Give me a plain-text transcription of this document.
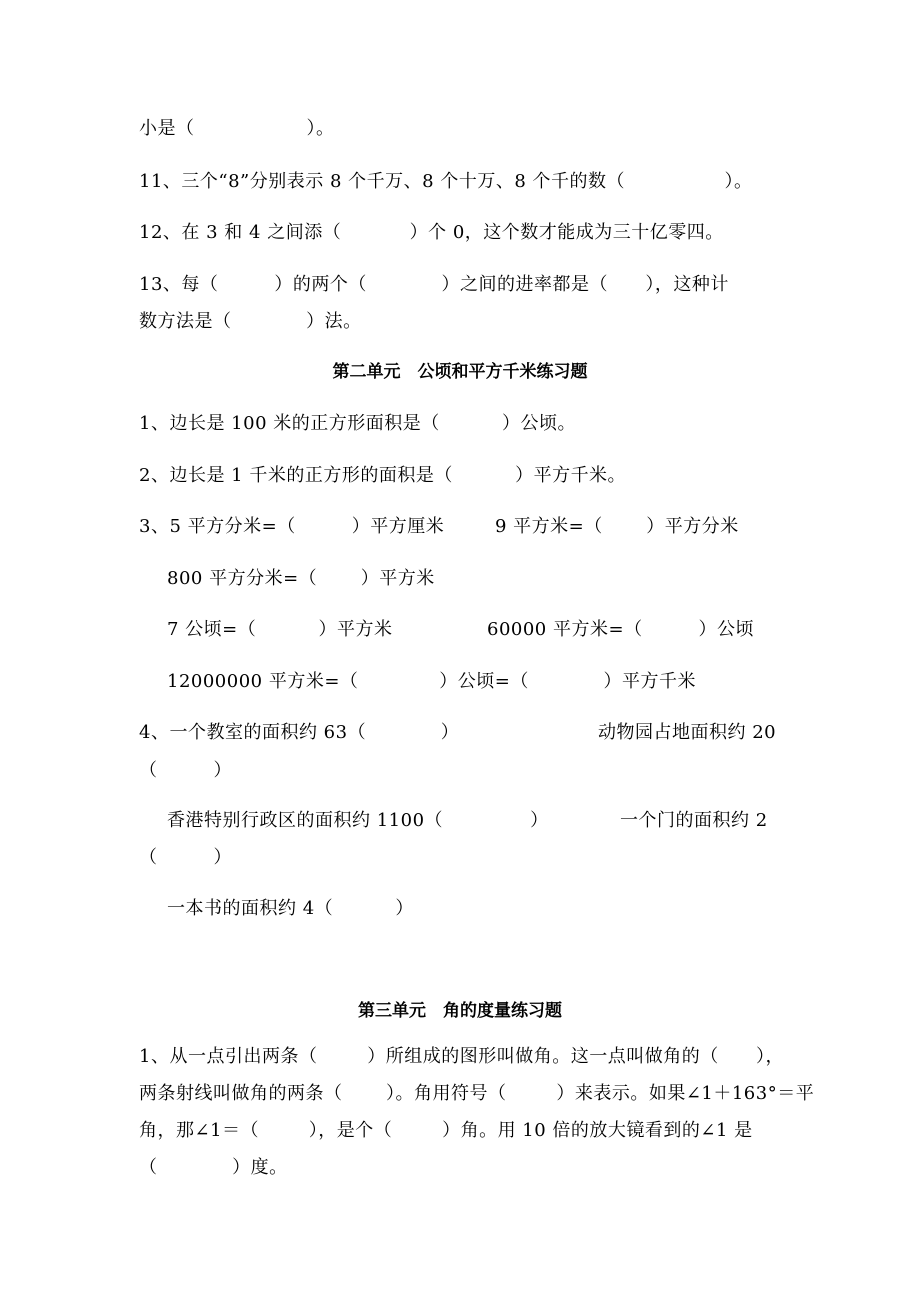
小是（                  ）。

11、三个“8”分别表示 8 个千万、8 个十万、8 个千的数（                ）。

12、在 3 和 4 之间添（           ）个 0，这个数才能成为三十亿零四。

13、每（         ）的两个（            ）之间的进率都是（      ），这种计

数方法是（            ）法。

第二单元　公顷和平方千米练习题

1、边长是 100 米的正方形面积是（          ）公顷。

2、边长是 1 千米的正方形的面积是（          ）平方千米。

3、5 平方分米=（         ）平方厘米	9 平方米=（       ）平方分米

800 平方分米=（       ）平方米

7 公顷=（          ）平方米	60000 平方米=（         ）公顷

12000000 平方米=（             ）公顷=（            ）平方千米

4、一个教室的面积约 63（            ）	动物园占地面积约 20

（         ）

香港特别行政区的面积约 1100（              ）	一个门的面积约 2

（         ）

一本书的面积约 4（          ）

第三单元　角的度量练习题

1、从一点引出两条（        ）所组成的图形叫做角。这一点叫做角的（      ），

两条射线叫做角的两条（       ）。角用符号（        ）来表示。如果∠1＋163°＝平

角，那∠1＝（        ），是个（        ）角。用 10 倍的放大镜看到的∠1 是

（            ）度。
